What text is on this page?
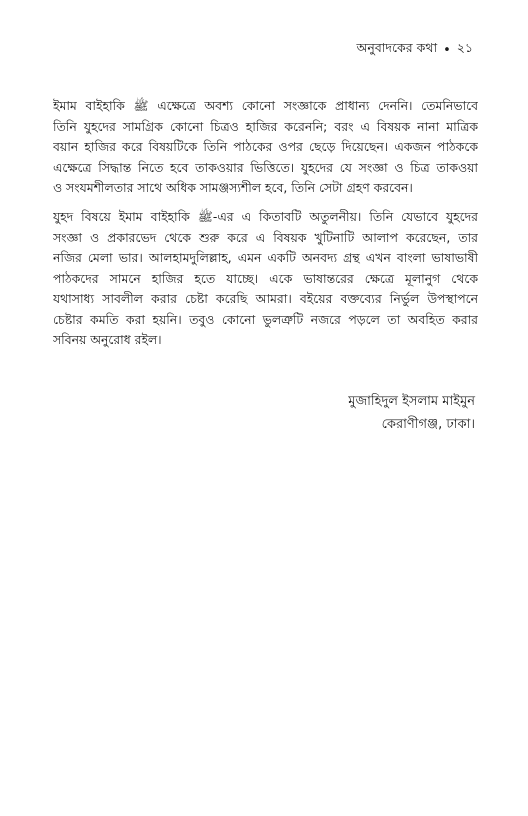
অনুবাদকের কথা • ২১
ইমাম বাইহাকি ﷺ এক্ষেত্রে অবশ্য কোনো সংজ্ঞাকে প্রাধান্য দেননি। তেমনিভাবে
তিনি যুহদের সামগ্রিক কোনো চিত্রও হাজির করেননি; বরং এ বিষয়ক নানা মাত্রিক
বয়ান হাজির করে বিষয়টিকে তিনি পাঠকের ওপর ছেড়ে দিয়েছেন। একজন পাঠককে
এক্ষেত্রে সিদ্ধান্ত নিতে হবে তাকওয়ার ভিত্তিতে। যুহদের যে সংজ্ঞা ও চিত্র তাকওয়া
ও সংযমশীলতার সাথে অধিক সামঞ্জস্যশীল হবে, তিনি সেটা গ্রহণ করবেন।
যুহদ বিষয়ে ইমাম বাইহাকি ﷺ-এর এ কিতাবটি অতুলনীয়। তিনি যেভাবে যুহদের
সংজ্ঞা ও প্রকারভেদ থেকে শুরু করে এ বিষয়ক খুটিনাটি আলাপ করেছেন, তার
নজির মেলা ভার। আলহামদুলিল্লাহ, এমন একটি অনবদ্য গ্রন্থ এখন বাংলা ভাষাভাষী
পাঠকদের সামনে হাজির হতে যাচ্ছে। একে ভাষান্তরের ক্ষেত্রে মূলানুগ থেকে
যথাসাধ্য সাবলীল করার চেষ্টা করেছি আমরা। বইয়ের বক্তব্যের নির্ভুল উপস্থাপনে
চেষ্টার কমতি করা হয়নি। তবুও কোনো ভুলত্রুটি নজরে পড়লে তা অবহিত করার
সবিনয় অনুরোধ রইল।
মুজাহিদুল ইসলাম মাইমুন
কেরাণীগঞ্জ, ঢাকা।
